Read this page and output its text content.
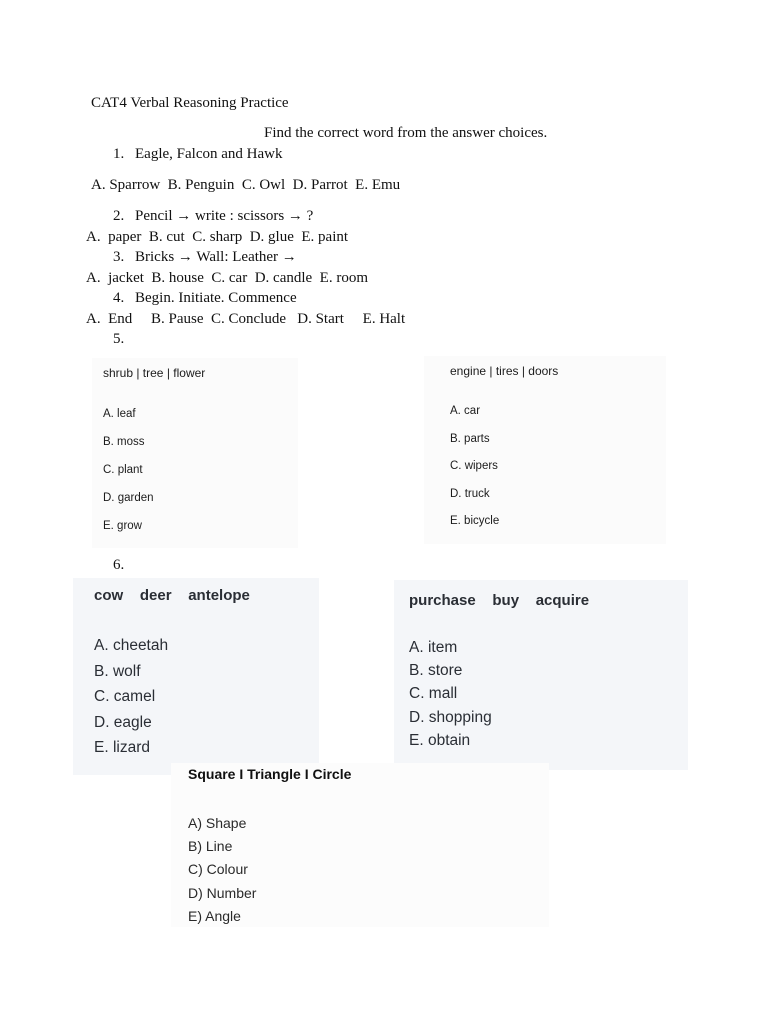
CAT4 Verbal Reasoning Practice
Find the correct word from the answer choices.
1. Eagle, Falcon and Hawk
A. Sparrow  B. Penguin  C. Owl  D. Parrot  E. Emu
2. Pencil → write : scissors → ?
A.  paper  B. cut  C. sharp  D. glue  E. paint
3. Bricks → Wall: Leather →
A.  jacket  B. house  C. car  D. candle  E. room
4. Begin. Initiate. Commence
A.  End     B. Pause  C. Conclude   D. Start     E. Halt
5.
shrub | tree | flower
A. leaf
B. moss
C. plant
D. garden
E. grow
engine | tires | doors
A. car
B. parts
C. wipers
D. truck
E. bicycle
6.
cow    deer    antelope
A. cheetah
B. wolf
C. camel
D. eagle
E. lizard
purchase    buy    acquire
A. item
B. store
C. mall
D. shopping
E. obtain
Square I Triangle I Circle
A) Shape
B) Line
C) Colour
D) Number
E) Angle
